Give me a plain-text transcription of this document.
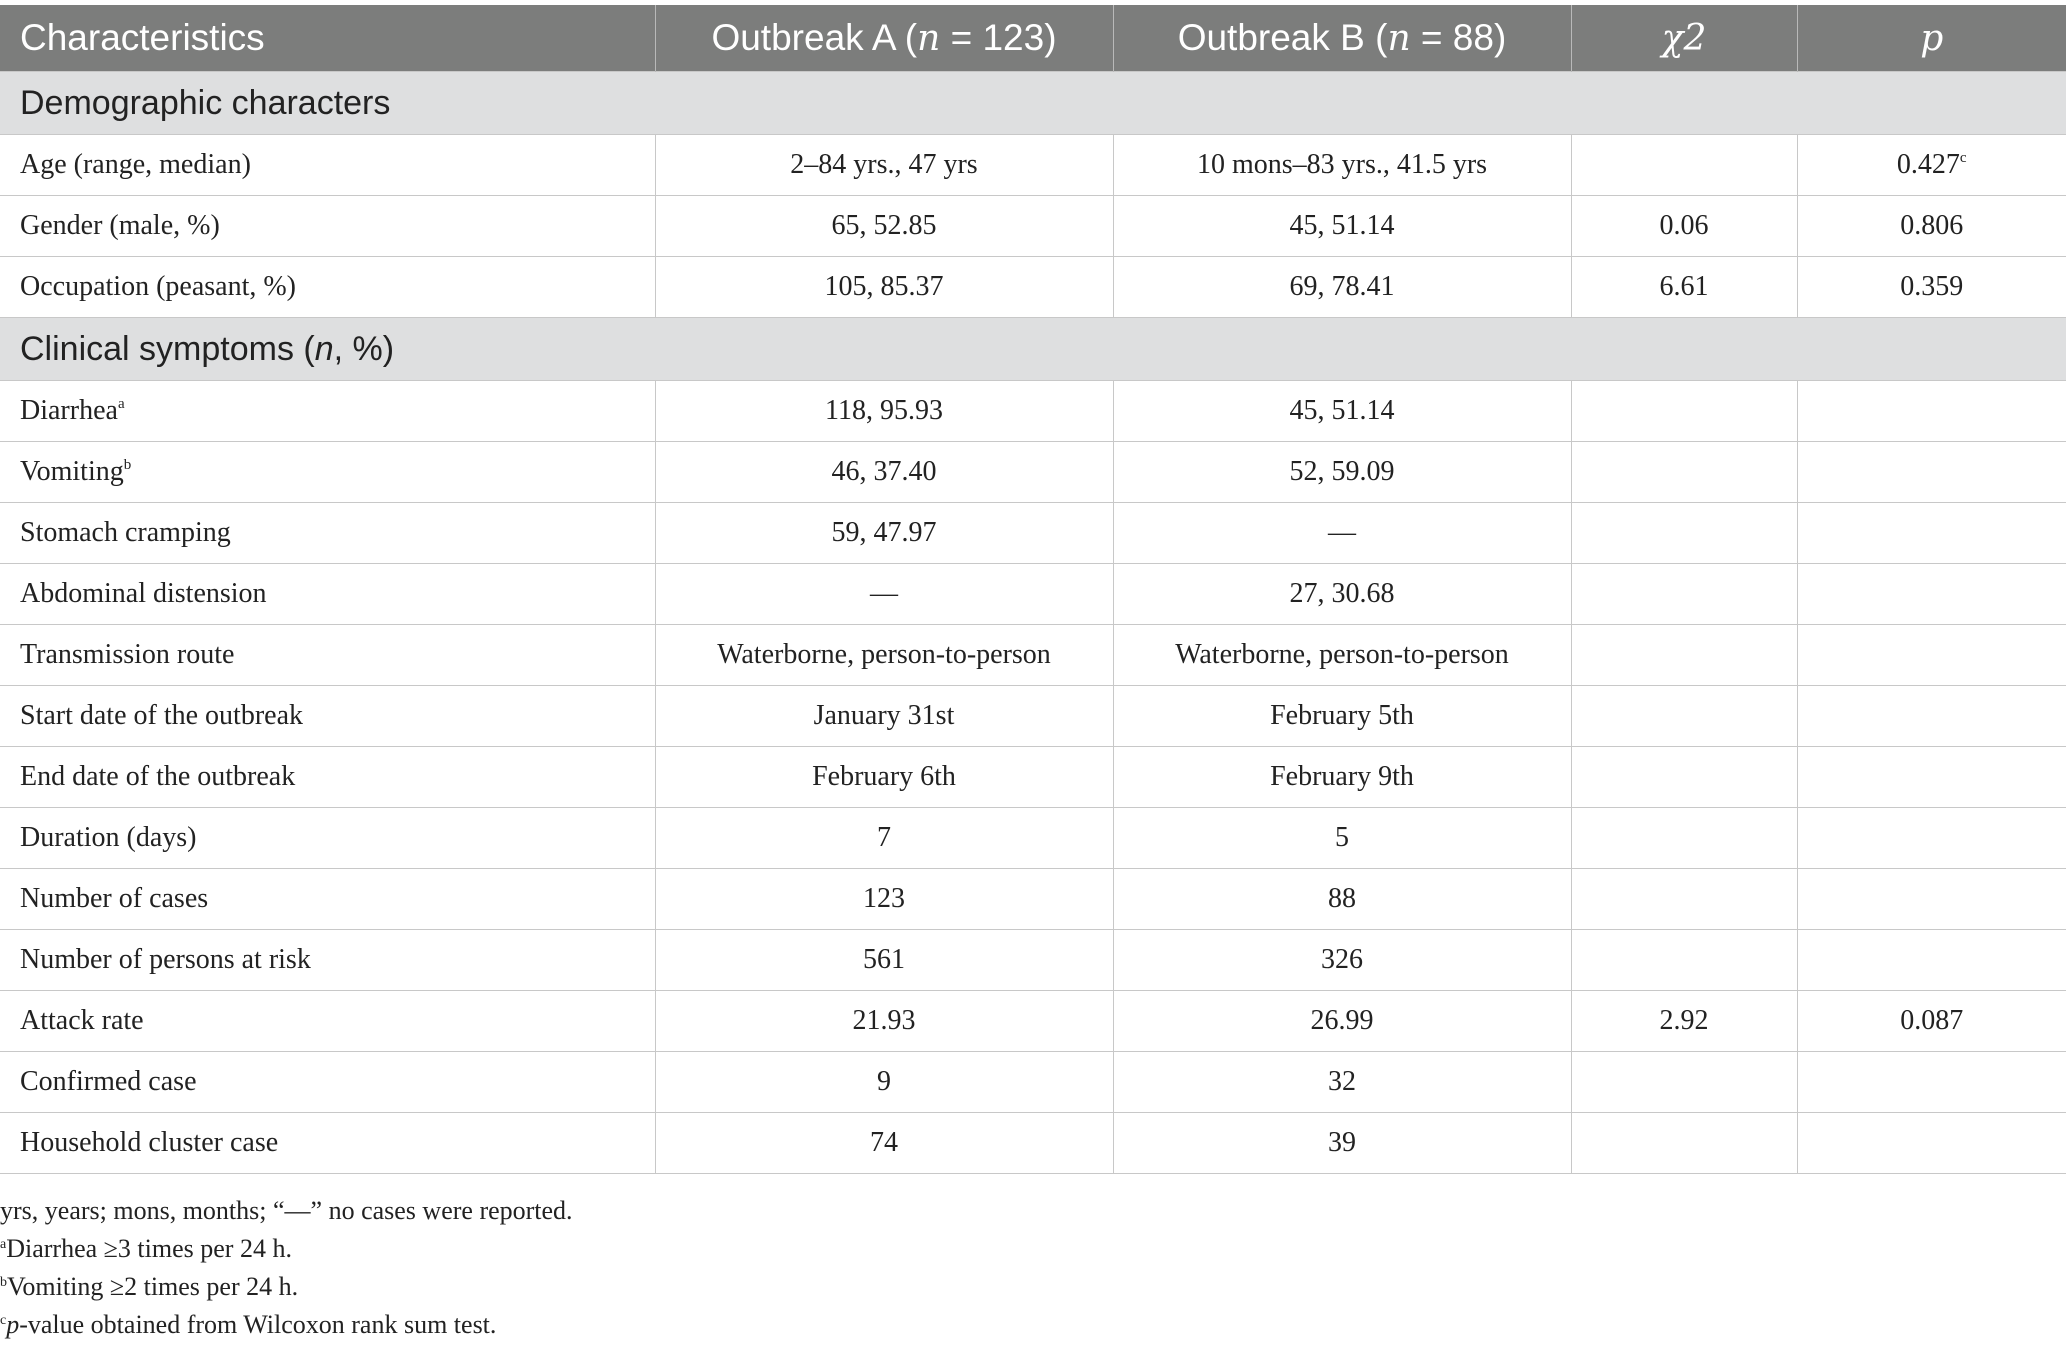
Characteristics	Outbreak A (n = 123)	Outbreak B (n = 88)	χ2	p
Demographic characters				
Age (range, median)	2–84 yrs., 47 yrs	10 mons–83 yrs., 41.5 yrs		0.427$^c$
Gender (male, %)	65, 52.85	45, 51.14	0.06	0.806
Occupation (peasant, %)	105, 85.37	69, 78.41	6.61	0.359
Clinical symptoms (n, %)				
Diarrhea$^a$	118, 95.93	45, 51.14		
Vomiting$^b$	46, 37.40	52, 59.09		
Stomach cramping	59, 47.97	—		
Abdominal distension	—	27, 30.68		
Transmission route	Waterborne, person-to-person	Waterborne, person-to-person		
Start date of the outbreak	January 31st	February 5th		
End date of the outbreak	February 6th	February 9th		
Duration (days)	7	5		
Number of cases	123	88		
Number of persons at risk	561	326		
Attack rate	21.93	26.99	2.92	0.087
Confirmed case	9	32		
Household cluster case	74	39		
yrs, years; mons, months; “—” no cases were reported.
$^a$Diarrhea ≥3 times per 24 h.
$^b$Vomiting ≥2 times per 24 h.
$^c$p-value obtained from Wilcoxon rank sum test.
